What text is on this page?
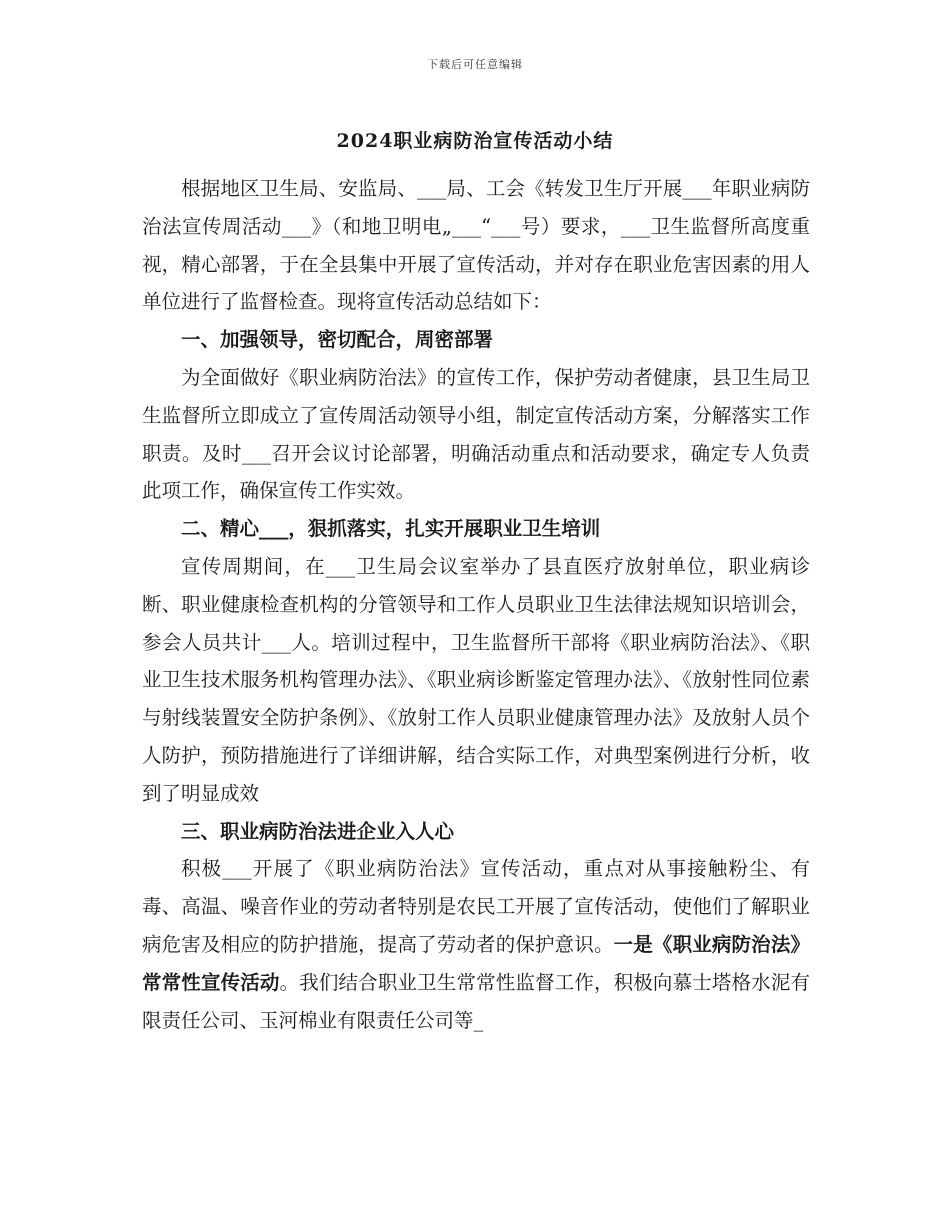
下载后可任意编辑
2024职业病防治宣传活动小结

根据地区卫生局、安监局、___局、工会《转发卫生厅开展___年职业病防治法宣传周活动___》（和地卫明电„___“___号）要求，___卫生监督所高度重视，精心部署，于在全县集中开展了宣传活动，并对存在职业危害因素的用人单位进行了监督检查。现将宣传活动总结如下：

一、加强领导，密切配合，周密部署

为全面做好《职业病防治法》的宣传工作，保护劳动者健康，县卫生局卫生监督所立即成立了宣传周活动领导小组，制定宣传活动方案，分解落实工作职责。及时___召开会议讨论部署，明确活动重点和活动要求，确定专人负责此项工作，确保宣传工作实效。

二、精心___，狠抓落实，扎实开展职业卫生培训

宣传周期间，在___卫生局会议室举办了县直医疗放射单位，职业病诊断、职业健康检查机构的分管领导和工作人员职业卫生法律法规知识培训会，参会人员共计___人。培训过程中，卫生监督所干部将《职业病防治法》、《职业卫生技术服务机构管理办法》、《职业病诊断鉴定管理办法》、《放射性同位素与射线装置安全防护条例》、《放射工作人员职业健康管理办法》及放射人员个人防护，预防措施进行了详细讲解，结合实际工作，对典型案例进行分析，收到了明显成效

三、职业病防治法进企业入人心

积极___开展了《职业病防治法》宣传活动，重点对从事接触粉尘、有毒、高温、噪音作业的劳动者特别是农民工开展了宣传活动，使他们了解职业病危害及相应的防护措施，提高了劳动者的保护意识。一是《职业病防治法》常常性宣传活动。我们结合职业卫生常常性监督工作，积极向慕士塔格水泥有限责任公司、玉河棉业有限责任公司等_
